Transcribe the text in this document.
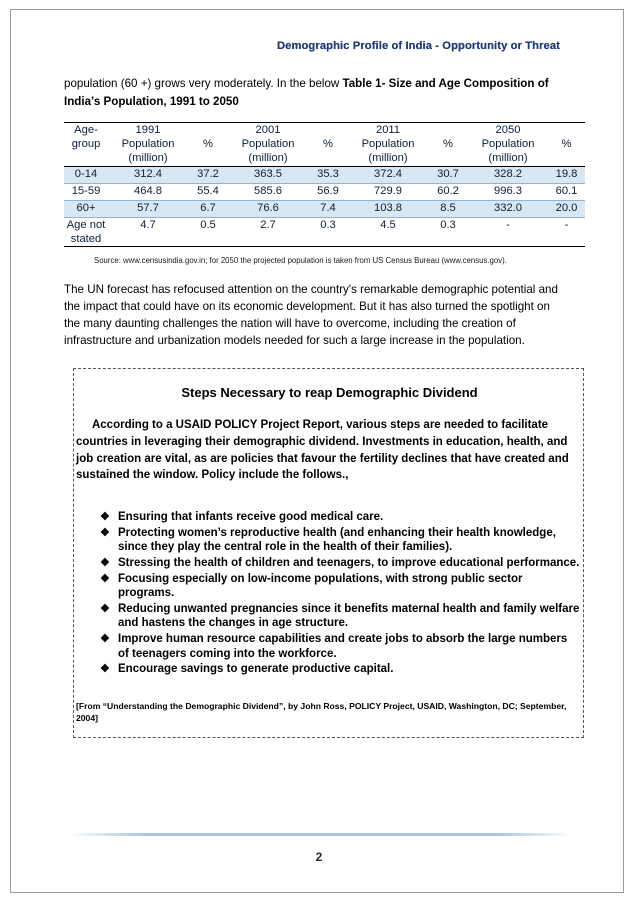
Demographic Profile of India - Opportunity or Threat
population (60 +) grows very moderately. In the below Table 1- Size and Age Composition of India’s Population, 1991 to 2050
Age-group	1991 Population (million)	%	2001 Population (million)	%	2011 Population (million)	%	2050 Population (million)	%
0-14	312.4	37.2	363.5	35.3	372.4	30.7	328.2	19.8
15-59	464.8	55.4	585.6	56.9	729.9	60.2	996.3	60.1
60+	57.7	6.7	76.6	7.4	103.8	8.5	332.0	20.0
Age not stated	4.7	0.5	2.7	0.3	4.5	0.3	-	-
Source: www.censusindia.gov.in; for 2050 the projected population is taken from US Census Bureau (www.census.gov).
The UN forecast has refocused attention on the country's remarkable demographic potential and the impact that could have on its economic development. But it has also turned the spotlight on the many daunting challenges the nation will have to overcome, including the creation of infrastructure and urbanization models needed for such a large increase in the population.
Steps Necessary to reap Demographic Dividend
According to a USAID POLICY Project Report, various steps are needed to facilitate countries in leveraging their demographic dividend. Investments in education, health, and job creation are vital, as are policies that favour the fertility declines that have created and sustained the window. Policy include the follows.,
❖ Ensuring that infants receive good medical care.
❖ Protecting women’s reproductive health (and enhancing their health knowledge, since they play the central role in the health of their families).
❖ Stressing the health of children and teenagers, to improve educational performance.
❖ Focusing especially on low-income populations, with strong public sector programs.
❖ Reducing unwanted pregnancies since it benefits maternal health and family welfare and hastens the changes in age structure.
❖ Improve human resource capabilities and create jobs to absorb the large numbers of teenagers coming into the workforce.
❖ Encourage savings to generate productive capital.
[From “Understanding the Demographic Dividend”, by John Ross, POLICY Project, USAID, Washington, DC; September, 2004]
2
